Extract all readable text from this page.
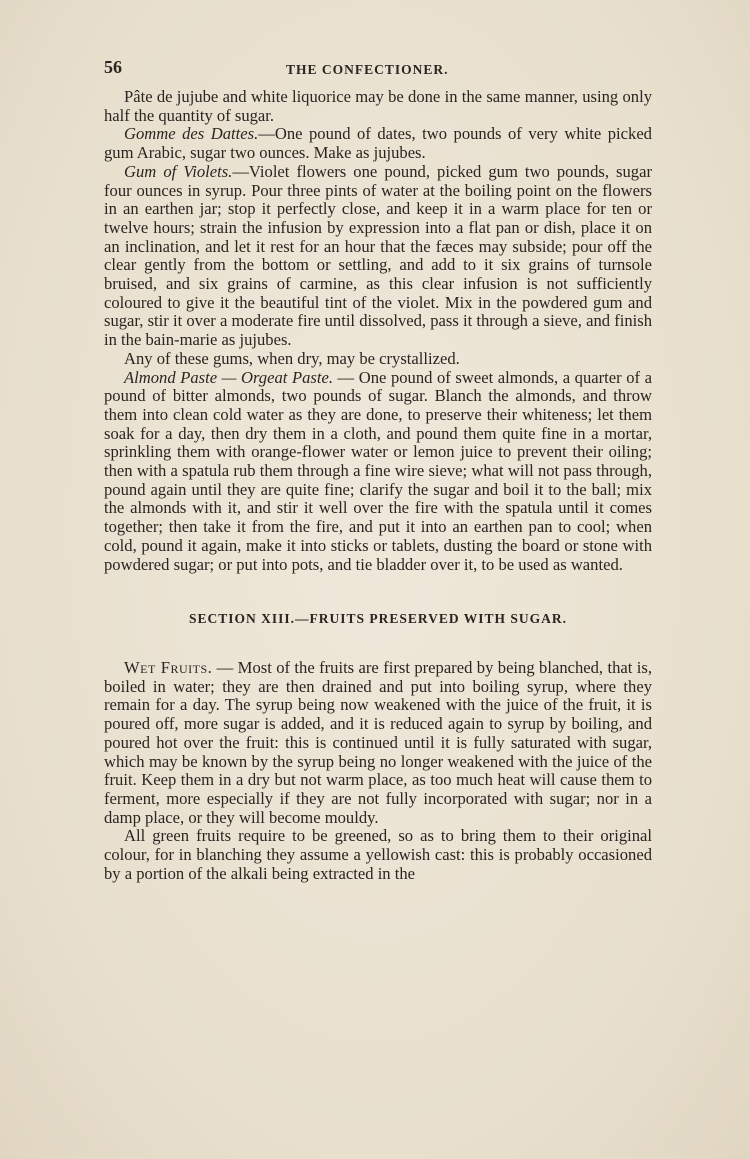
56	THE CONFECTIONER.

Pâte de jujube and white liquorice may be done in the same manner, using only half the quantity of sugar.

Gomme des Dattes.—One pound of dates, two pounds of very white picked gum Arabic, sugar two ounces. Make as jujubes.

Gum of Violets.—Violet flowers one pound, picked gum two pounds, sugar four ounces in syrup. Pour three pints of water at the boiling point on the flowers in an earthen jar; stop it perfectly close, and keep it in a warm place for ten or twelve hours; strain the infusion by expression into a flat pan or dish, place it on an inclination, and let it rest for an hour that the fæces may subside; pour off the clear gently from the bottom or settling, and add to it six grains of turnsole bruised, and six grains of carmine, as this clear infusion is not sufficiently coloured to give it the beautiful tint of the violet. Mix in the powdered gum and sugar, stir it over a moderate fire until dissolved, pass it through a sieve, and finish in the bain-marie as jujubes.

Any of these gums, when dry, may be crystallized.

Almond Paste — Orgeat Paste. — One pound of sweet almonds, a quarter of a pound of bitter almonds, two pounds of sugar. Blanch the almonds, and throw them into clean cold water as they are done, to preserve their whiteness; let them soak for a day, then dry them in a cloth, and pound them quite fine in a mortar, sprinkling them with orange-flower water or lemon juice to prevent their oiling; then with a spatula rub them through a fine wire sieve; what will not pass through, pound again until they are quite fine; clarify the sugar and boil it to the ball; mix the almonds with it, and stir it well over the fire with the spatula until it comes together; then take it from the fire, and put it into an earthen pan to cool; when cold, pound it again, make it into sticks or tablets, dusting the board or stone with powdered sugar; or put into pots, and tie bladder over it, to be used as wanted.

SECTION XIII.—FRUITS PRESERVED WITH SUGAR.

Wet Fruits. — Most of the fruits are first prepared by being blanched, that is, boiled in water; they are then drained and put into boiling syrup, where they remain for a day. The syrup being now weakened with the juice of the fruit, it is poured off, more sugar is added, and it is reduced again to syrup by boiling, and poured hot over the fruit: this is continued until it is fully saturated with sugar, which may be known by the syrup being no longer weakened with the juice of the fruit. Keep them in a dry but not warm place, as too much heat will cause them to ferment, more especially if they are not fully incorporated with sugar; nor in a damp place, or they will become mouldy.

All green fruits require to be greened, so as to bring them to their original colour, for in blanching they assume a yellowish cast: this is probably occasioned by a portion of the alkali being extracted in the
